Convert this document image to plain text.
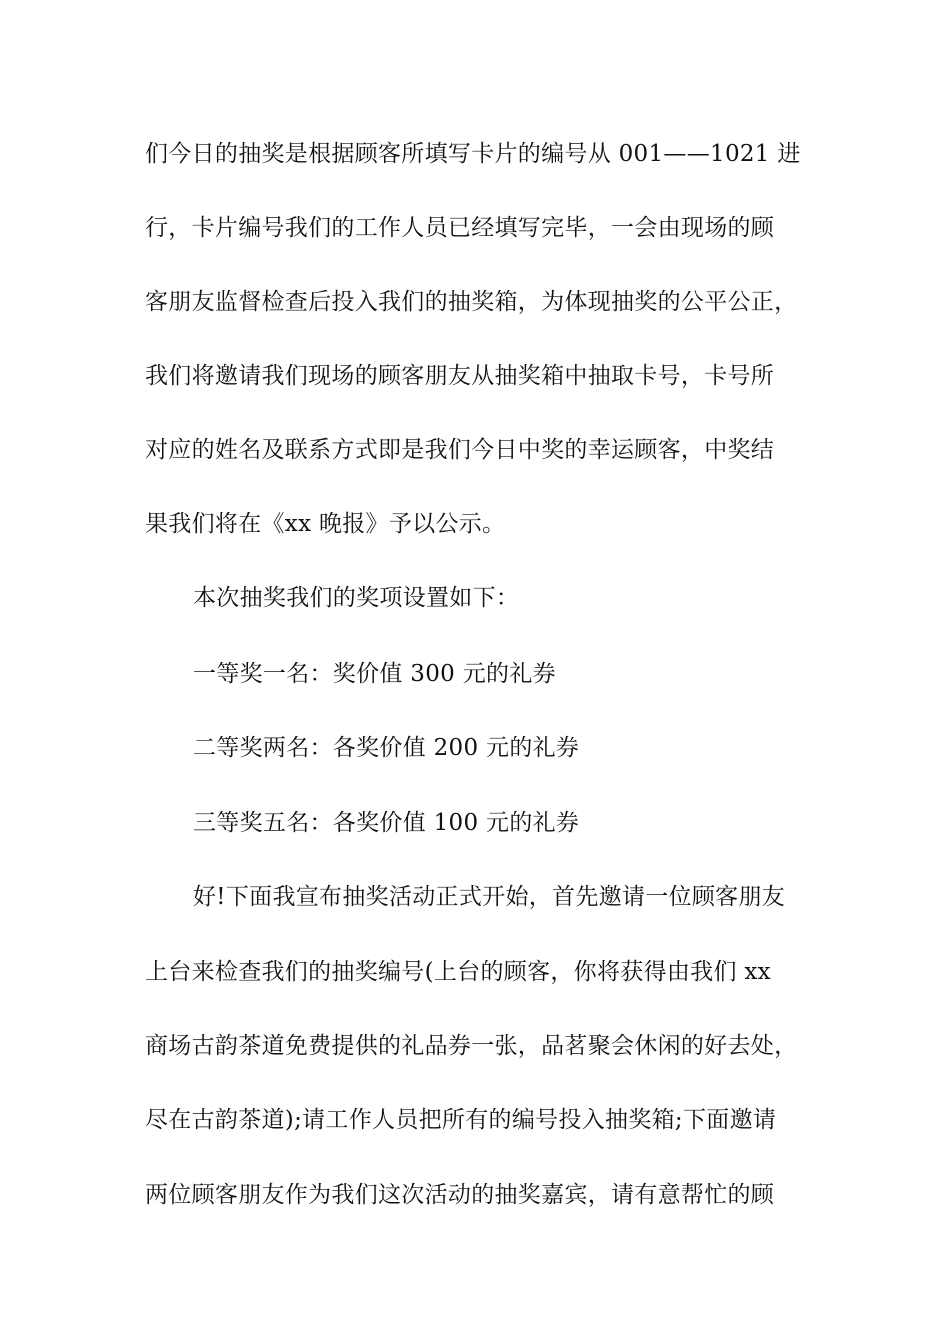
们今日的抽奖是根据顾客所填写卡片的编号从 001——1021 进
行，卡片编号我们的工作人员已经填写完毕，一会由现场的顾
客朋友监督检查后投入我们的抽奖箱，为体现抽奖的公平公正，
我们将邀请我们现场的顾客朋友从抽奖箱中抽取卡号，卡号所
对应的姓名及联系方式即是我们今日中奖的幸运顾客，中奖结
果我们将在《xx 晚报》予以公示。
本次抽奖我们的奖项设置如下：
一等奖一名：奖价值 300 元的礼券
二等奖两名：各奖价值 200 元的礼券
三等奖五名：各奖价值 100 元的礼券
好!下面我宣布抽奖活动正式开始，首先邀请一位顾客朋友
上台来检查我们的抽奖编号(上台的顾客，你将获得由我们 xx
商场古韵茶道免费提供的礼品券一张，品茗聚会休闲的好去处，
尽在古韵茶道);请工作人员把所有的编号投入抽奖箱;下面邀请
两位顾客朋友作为我们这次活动的抽奖嘉宾，请有意帮忙的顾
